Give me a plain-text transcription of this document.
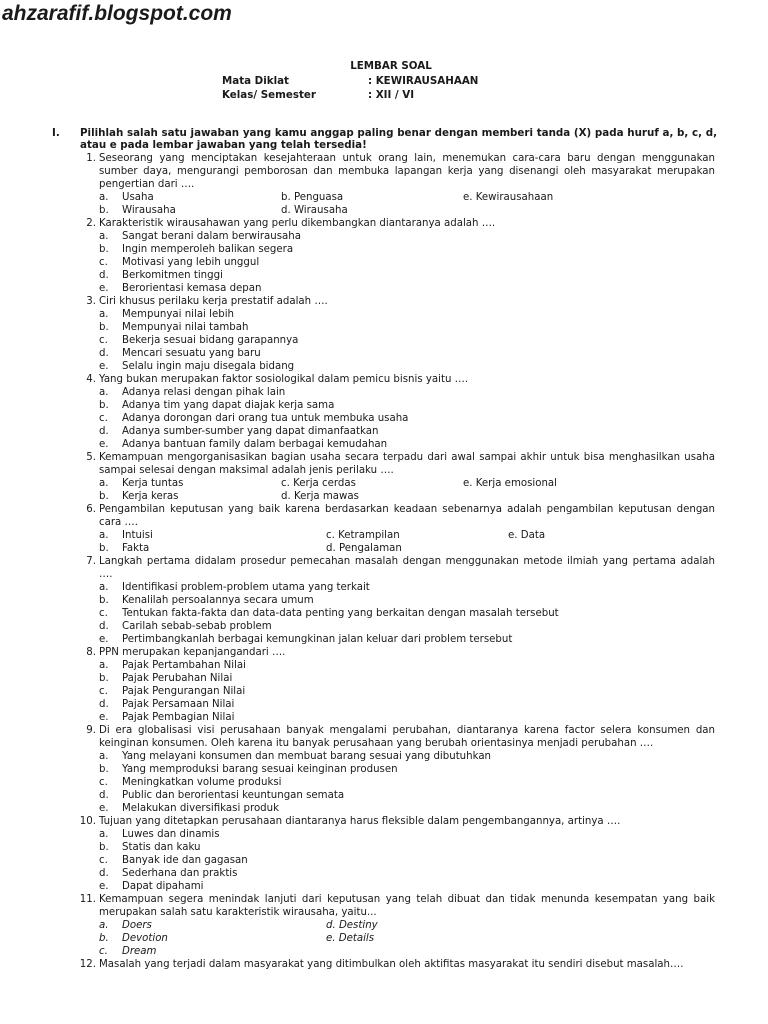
ahzarafif.blogspot.com
LEMBAR SOAL
Mata Diklat	: KEWIRAUSAHAAN
Kelas/ Semester	: XII / VI
I. Pilihlah salah satu jawaban yang kamu anggap paling benar dengan memberi tanda (X) pada huruf a, b, c, d, atau e pada lembar jawaban yang telah tersedia!
1. Seseorang yang menciptakan kesejahteraan untuk orang lain, menemukan cara-cara baru dengan menggunakan sumber daya, mengurangi pemborosan dan membuka lapangan kerja yang disenangi oleh masyarakat merupakan pengertian dari ….
a. Usaha	b. Penguasa	e. Kewirausahaan
b. Wirausaha	d. Wirausaha
2. Karakteristik wirausahawan yang perlu dikembangkan diantaranya adalah ….
a. Sangat berani dalam berwirausaha
b. Ingin memperoleh balikan segera
c. Motivasi yang lebih unggul
d. Berkomitmen tinggi
e. Berorientasi kemasa depan
3. Ciri khusus perilaku kerja prestatif adalah ….
a. Mempunyai nilai lebih
b. Mempunyai nilai tambah
c. Bekerja sesuai bidang garapannya
d. Mencari sesuatu yang baru
e. Selalu ingin maju disegala bidang
4. Yang bukan merupakan faktor sosiologikal dalam pemicu bisnis yaitu ….
a. Adanya relasi dengan pihak lain
b. Adanya tim yang dapat diajak kerja sama
c. Adanya dorongan dari orang tua untuk membuka usaha
d. Adanya sumber-sumber yang dapat dimanfaatkan
e. Adanya bantuan family dalam berbagai kemudahan
5. Kemampuan mengorganisasikan bagian usaha secara terpadu dari awal sampai akhir untuk bisa menghasilkan usaha sampai selesai dengan maksimal adalah jenis perilaku ….
a. Kerja tuntas	c. Kerja cerdas	e. Kerja emosional
b. Kerja keras	d. Kerja mawas
6. Pengambilan keputusan yang baik karena berdasarkan keadaan sebenarnya adalah pengambilan keputusan dengan cara ….
a. Intuisi	c. Ketrampilan	e. Data
b. Fakta	d. Pengalaman
7. Langkah pertama didalam prosedur pemecahan masalah dengan menggunakan metode ilmiah yang pertama adalah ….
a. Identifikasi problem-problem utama yang terkait
b. Kenalilah persoalannya secara umum
c. Tentukan fakta-fakta dan data-data penting yang berkaitan dengan masalah tersebut
d. Carilah sebab-sebab problem
e. Pertimbangkanlah berbagai kemungkinan jalan keluar dari problem tersebut
8. PPN merupakan kepanjangandari ….
a. Pajak Pertambahan Nilai
b. Pajak Perubahan Nilai
c. Pajak Pengurangan Nilai
d. Pajak Persamaan Nilai
e. Pajak Pembagian Nilai
9. Di era globalisasi visi perusahaan banyak mengalami perubahan, diantaranya karena factor selera konsumen dan keinginan konsumen. Oleh karena itu banyak perusahaan yang berubah orientasinya menjadi perubahan ….
a. Yang melayani konsumen dan membuat barang sesuai yang dibutuhkan
b. Yang memproduksi barang sesuai keinginan produsen
c. Meningkatkan volume produksi
d. Public dan berorientasi keuntungan semata
e. Melakukan diversifikasi produk
10. Tujuan yang ditetapkan perusahaan diantaranya harus fleksible dalam pengembangannya, artinya ….
a. Luwes dan dinamis
b. Statis dan kaku
c. Banyak ide dan gagasan
d. Sederhana dan praktis
e. Dapat dipahami
11. Kemampuan segera menindak lanjuti dari keputusan yang telah dibuat dan tidak menunda kesempatan yang baik merupakan salah satu karakteristik wirausaha, yaitu...
a. Doers	d. Destiny
b. Devotion	e. Details
c. Dream
12. Masalah yang terjadi dalam masyarakat yang ditimbulkan oleh aktifitas masyarakat itu sendiri disebut masalah….
